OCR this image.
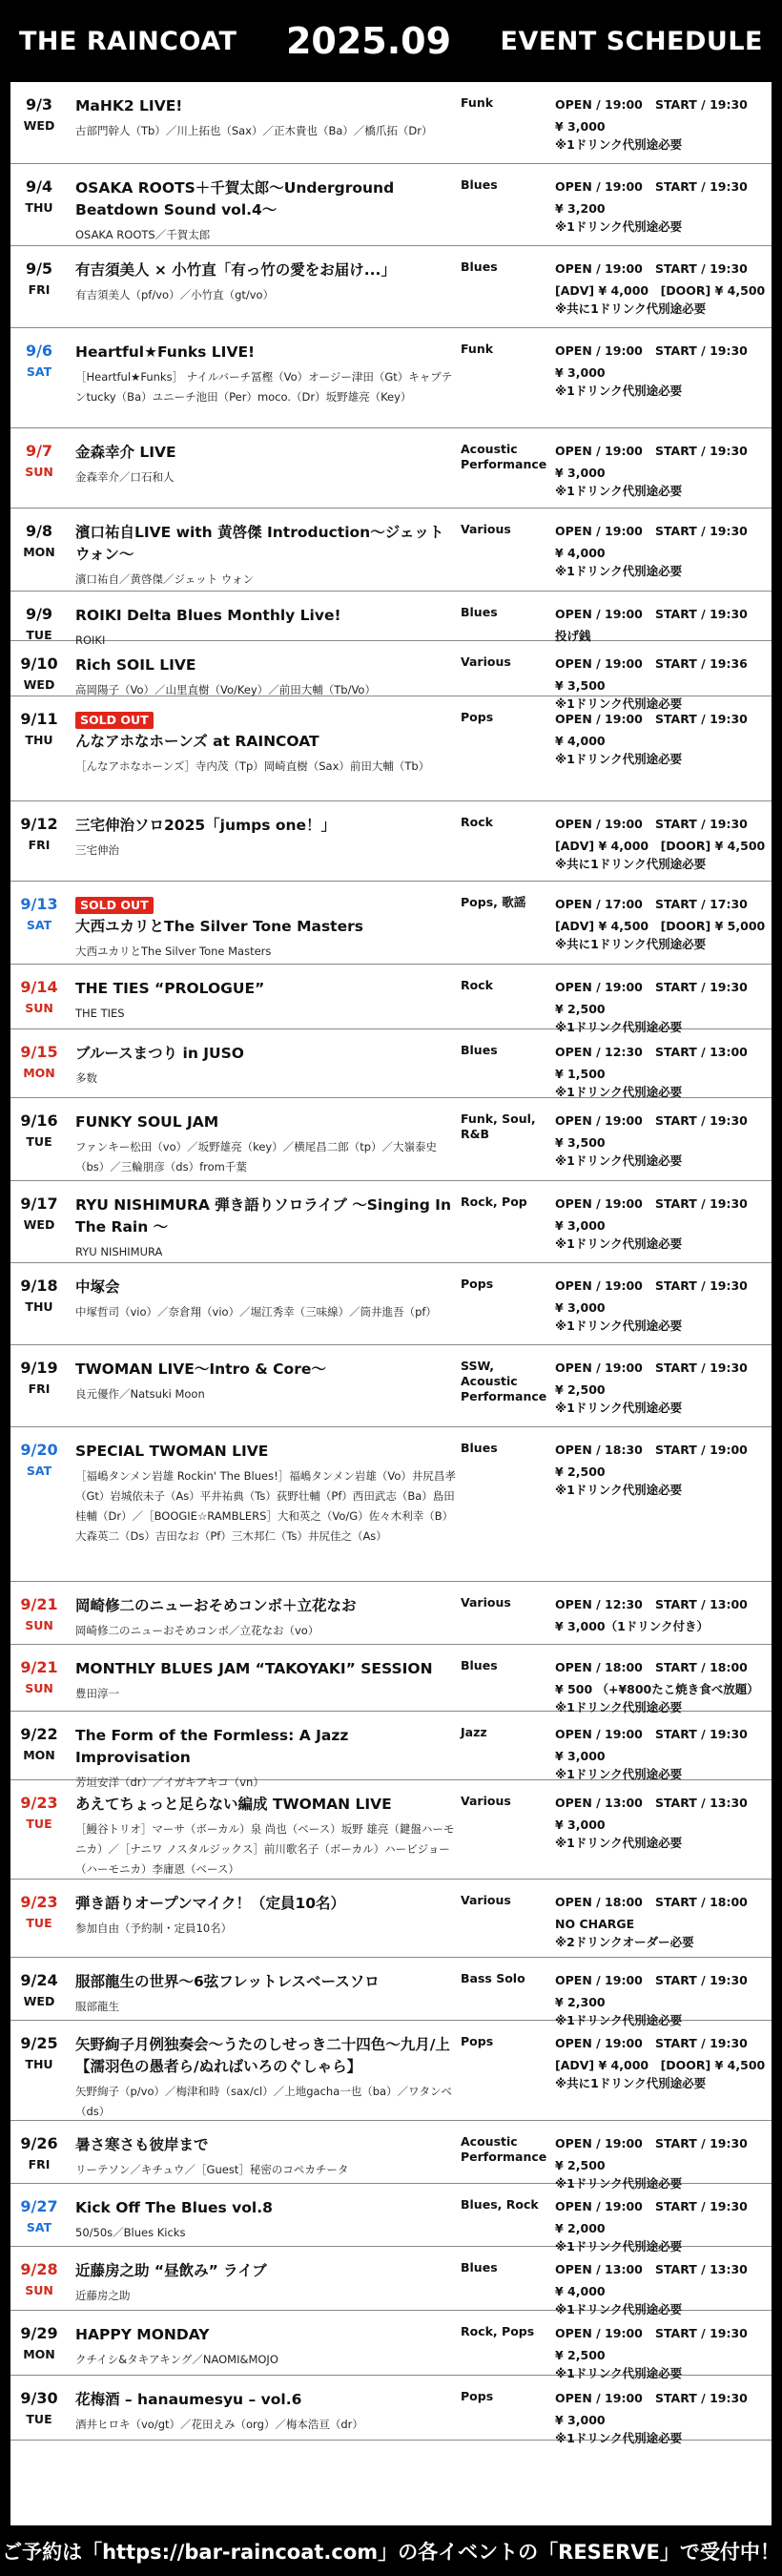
THE RAINCOAT 2025.09 EVENT SCHEDULE
9/3
WED
MaHK2 LIVE!
古部門幹人（Tb）／川上拓也（Sax）／正木貴也（Ba）／橋爪拓（Dr）
Funk	OPEN / 19:00	START / 19:30
¥ 3,000
※1ドリンク代別途必要
9/4
THU
OSAKA ROOTS＋千賀太郎〜Underground Beatdown Sound vol.4〜
OSAKA ROOTS／千賀太郎
Blues	OPEN / 19:00	START / 19:30
¥ 3,200
※1ドリンク代別途必要
9/5
FRI
有吉須美人 × 小竹直「有っ竹の愛をお届け...」
有吉須美人（pf/vo）／小竹直（gt/vo）
Blues	OPEN / 19:00	START / 19:30
[ADV] ¥ 4,000　[DOOR] ¥ 4,500
※共に1ドリンク代別途必要
9/6
SAT
Heartful★Funks LIVE!
［Heartful★Funks］ ナイルバーチ冨樫（Vo）オージー津田（Gt）キャブテンtucky（Ba）ユニーチ池田（Per）moco.（Dr）坂野雄亮（Key）
Funk	OPEN / 19:00	START / 19:30
¥ 3,000
※1ドリンク代別途必要
9/7
SUN
金森幸介 LIVE
金森幸介／口石和人
Acoustic Performance
OPEN / 19:00	START / 19:30
¥ 3,000
※1ドリンク代別途必要
9/8
MON
濱口祐自LIVE with 黄啓傑 Introduction〜ジェット ウォン〜
濱口祐自／黄啓傑／ジェット ウォン
Various	OPEN / 19:00	START / 19:30
¥ 4,000
※1ドリンク代別途必要
9/9
TUE
ROIKI Delta Blues Monthly Live!
ROIKI
Blues	OPEN / 19:00	START / 19:30
投げ銭
9/10
WED
Rich SOIL LIVE
高岡陽子（Vo）／山里直樹（Vo/Key）／前田大輔（Tb/Vo）
Various	OPEN / 19:00	START / 19:36
¥ 3,500
※1ドリンク代別途必要
9/11
THU
SOLD OUT
んなアホなホーンズ at RAINCOAT
［んなアホなホーンズ］寺内茂（Tp）岡崎直樹（Sax）前田大輔（Tb）
Pops	OPEN / 19:00	START / 19:30
¥ 4,000
※1ドリンク代別途必要
9/12
FRI
三宅伸治ソロ2025「jumps one！」
三宅伸治
Rock	OPEN / 19:00	START / 19:30
[ADV] ¥ 4,000　[DOOR] ¥ 4,500
※共に1ドリンク代別途必要
9/13
SAT
SOLD OUT
大西ユカリとThe Silver Tone Masters
大西ユカリとThe Silver Tone Masters
Pops, 歌謡	OPEN / 17:00	START / 17:30
[ADV] ¥ 4,500　[DOOR] ¥ 5,000
※共に1ドリンク代別途必要
9/14
SUN
THE TIES “PROLOGUE”
THE TIES
Rock	OPEN / 19:00	START / 19:30
¥ 2,500
※1ドリンク代別途必要
9/15
MON
ブルースまつり in JUSO
多数
Blues	OPEN / 12:30	START / 13:00
¥ 1,500
※1ドリンク代別途必要
9/16
TUE
FUNKY SOUL JAM
ファンキー松田（vo）／坂野雄亮（key）／横尾昌二郎（tp）／大嶺泰史（bs）／三輪朋彦（ds）from千葉
Funk, Soul, R&B
OPEN / 19:00	START / 19:30
¥ 3,500
※1ドリンク代別途必要
9/17
WED
RYU NISHIMURA 弾き語りソロライブ 〜Singing In The Rain 〜
RYU NISHIMURA
Rock, Pop	OPEN / 19:00	START / 19:30
¥ 3,000
※1ドリンク代別途必要
9/18
THU
中塚会
中塚哲司（vio）／奈倉翔（vio）／堀江秀幸（三味線）／筒井進吾（pf）
Pops	OPEN / 19:00	START / 19:30
¥ 3,000
※1ドリンク代別途必要
9/19
FRI
TWOMAN LIVE〜Intro & Core〜
良元優作／Natsuki Moon
SSW, Acoustic Performance
OPEN / 19:00	START / 19:30
¥ 2,500
※1ドリンク代別途必要
9/20
SAT
SPECIAL TWOMAN LIVE
［福嶋タンメン岩雄 Rockin' The Blues!］福嶋タンメン岩雄（Vo）井尻昌孝（Gt）岩城依未子（As）平井祐典（Ts）荻野壮輔（Pf）西田武志（Ba）島田桂輔（Dr）／［BOOGIE☆RAMBLERS］大和英之（Vo/G）佐々木利幸（B）大森英二（Ds）吉田なお（Pf）三木邦仁（Ts）井尻佳之（As）
Blues	OPEN / 18:30	START / 19:00
¥ 2,500
※1ドリンク代別途必要
9/21
SUN
岡崎修二のニューおそめコンボ＋立花なお
岡崎修二のニューおそめコンボ／立花なお（vo）
Various	OPEN / 12:30	START / 13:00
¥ 3,000（1ドリンク付き）
9/21
SUN
MONTHLY BLUES JAM “TAKOYAKI” SESSION
豊田淳一
Blues	OPEN / 18:00	START / 18:00
¥ 500 （+¥800たこ焼き食べ放題）
※1ドリンク代別途必要
9/22
MON
The Form of the Formless: A Jazz Improvisation
芳垣安洋（dr）／イガキアキコ（vn）
Jazz	OPEN / 19:00	START / 19:30
¥ 3,000
※1ドリンク代別途必要
9/23
TUE
あえてちょっと足らない編成 TWOMAN LIVE
［鰻谷トリオ］マーサ（ボーカル）泉 尚也（ベース）坂野 雄亮（鍵盤ハーモニカ）／［ナニワ ノスタルジックス］前川歌名子（ボーカル）ハービジョー（ハーモニカ）李庸恩（ベース）
Various	OPEN / 13:00	START / 13:30
¥ 3,000
※1ドリンク代別途必要
9/23
TUE
弾き語りオープンマイク！（定員10名）
参加自由（予約制・定員10名）
Various	OPEN / 18:00	START / 18:00
NO CHARGE
※2ドリンクオーダー必要
9/24
WED
服部龍生の世界〜6弦フレットレスベースソロ
服部龍生
Bass Solo	OPEN / 19:00	START / 19:30
¥ 2,300
※1ドリンク代別途必要
9/25
THU
矢野絢子月例独奏会〜うたのしせっき二十四色〜九月/上【濡羽色の愚者ら/ぬればいろのぐしゃら】
矢野絢子（p/vo）／梅津和時（sax/cl）／上地gacha一也（ba）／ワタンベ（ds）
Pops	OPEN / 19:00	START / 19:30
[ADV] ¥ 4,000　[DOOR] ¥ 4,500
※共に1ドリンク代別途必要
9/26
FRI
暑さ寒さも彼岸まで
リーテソン／キチュウ／［Guest］秘密のコペカチータ
Acoustic Performance
OPEN / 19:00	START / 19:30
¥ 2,500
※1ドリンク代別途必要
9/27
SAT
Kick Off The Blues vol.8
50/50s／Blues Kicks
Blues, Rock	OPEN / 19:00	START / 19:30
¥ 2,000
※1ドリンク代別途必要
9/28
SUN
近藤房之助 “昼飲み” ライブ
近藤房之助
Blues	OPEN / 13:00	START / 13:30
¥ 4,000
※1ドリンク代別途必要
9/29
MON
HAPPY MONDAY
クチイシ&タキアキング／NAOMI&MOJO
Rock, Pops	OPEN / 19:00	START / 19:30
¥ 2,500
※1ドリンク代別途必要
9/30
TUE
花梅酒 – hanaumesyu – vol.6
酒井ヒロキ（vo/gt）／花田えみ（org）／梅本浩亘（dr）
Pops	OPEN / 19:00	START / 19:30
¥ 3,000
※1ドリンク代別途必要
ご予約は「https://bar-raincoat.com」の各イベントの「RESERVE」で受付中！
